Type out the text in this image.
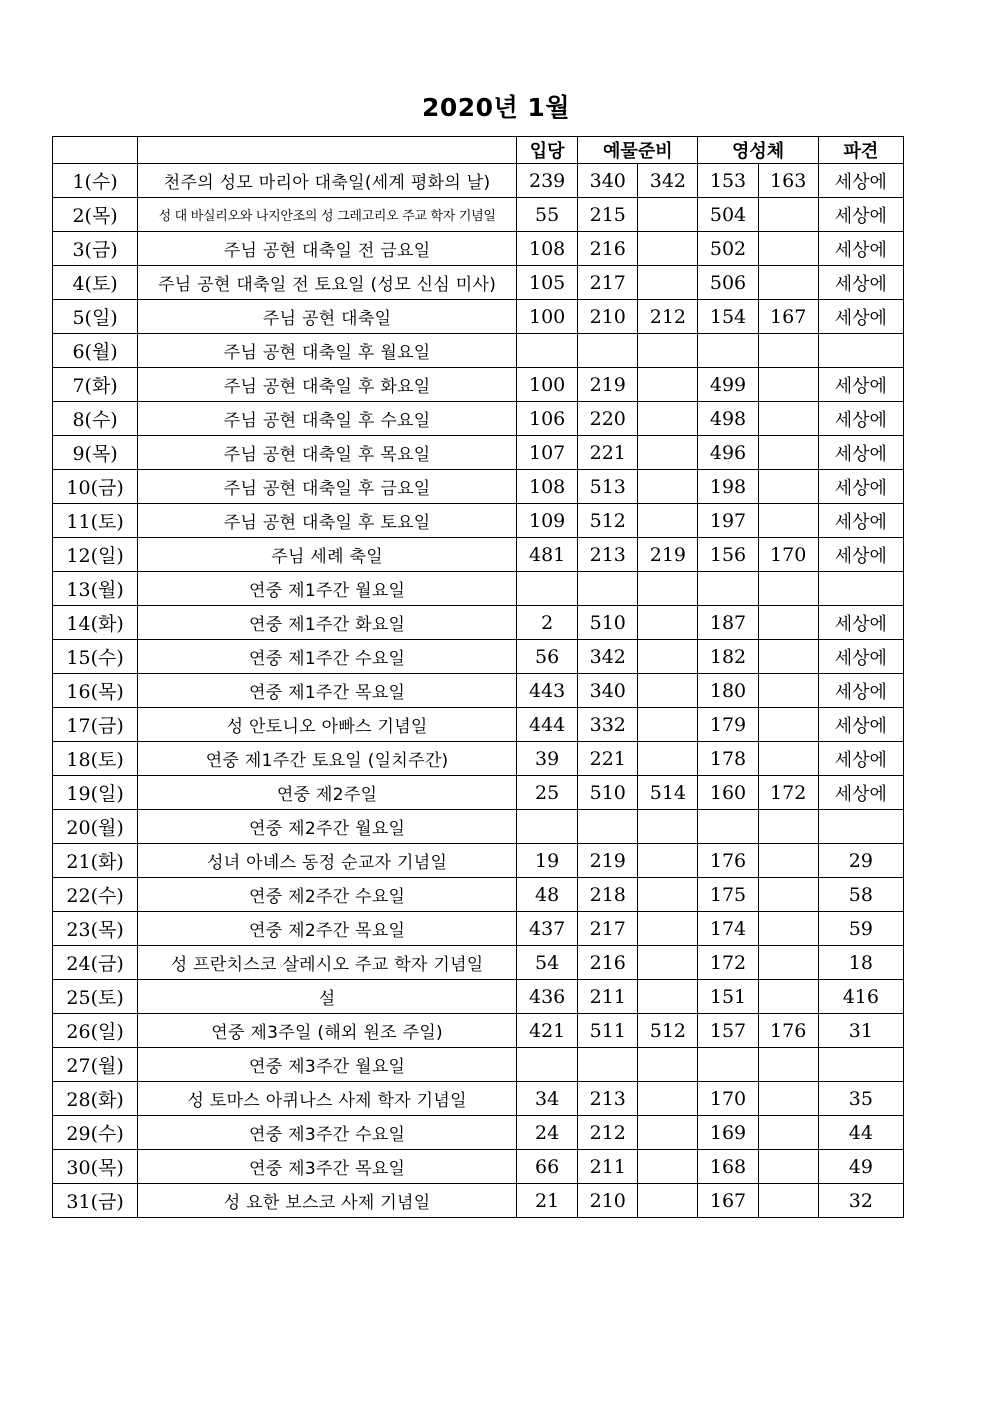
2020년 1월
		입당	예물준비		영성체		파견
1(수)	천주의 성모 마리아 대축일(세계 평화의 날)	239	340	342	153	163	세상에
2(목)	성 대 바실리오와 나지안조의 성 그레고리오 주교 학자 기념일	55	215		504		세상에
3(금)	주님 공현 대축일 전 금요일	108	216		502		세상에
4(토)	주님 공현 대축일 전 토요일 (성모 신심 미사)	105	217		506		세상에
5(일)	주님 공현 대축일	100	210	212	154	167	세상에
6(월)	주님 공현 대축일 후 월요일						
7(화)	주님 공현 대축일 후 화요일	100	219		499		세상에
8(수)	주님 공현 대축일 후 수요일	106	220		498		세상에
9(목)	주님 공현 대축일 후 목요일	107	221		496		세상에
10(금)	주님 공현 대축일 후 금요일	108	513		198		세상에
11(토)	주님 공현 대축일 후 토요일	109	512		197		세상에
12(일)	주님 세례 축일	481	213	219	156	170	세상에
13(월)	연중 제1주간 월요일						
14(화)	연중 제1주간 화요일	2	510		187		세상에
15(수)	연중 제1주간 수요일	56	342		182		세상에
16(목)	연중 제1주간 목요일	443	340		180		세상에
17(금)	성 안토니오 아빠스 기념일	444	332		179		세상에
18(토)	연중 제1주간 토요일 (일치주간)	39	221		178		세상에
19(일)	연중 제2주일	25	510	514	160	172	세상에
20(월)	연중 제2주간 월요일						
21(화)	성녀 아녜스 동정 순교자 기념일	19	219		176		29
22(수)	연중 제2주간 수요일	48	218		175		58
23(목)	연중 제2주간 목요일	437	217		174		59
24(금)	성 프란치스코 살레시오 주교 학자 기념일	54	216		172		18
25(토)	설	436	211		151		416
26(일)	연중 제3주일 (해외 원조 주일)	421	511	512	157	176	31
27(월)	연중 제3주간 월요일						
28(화)	성 토마스 아퀴나스 사제 학자 기념일	34	213		170		35
29(수)	연중 제3주간 수요일	24	212		169		44
30(목)	연중 제3주간 목요일	66	211		168		49
31(금)	성 요한 보스코 사제 기념일	21	210		167		32
